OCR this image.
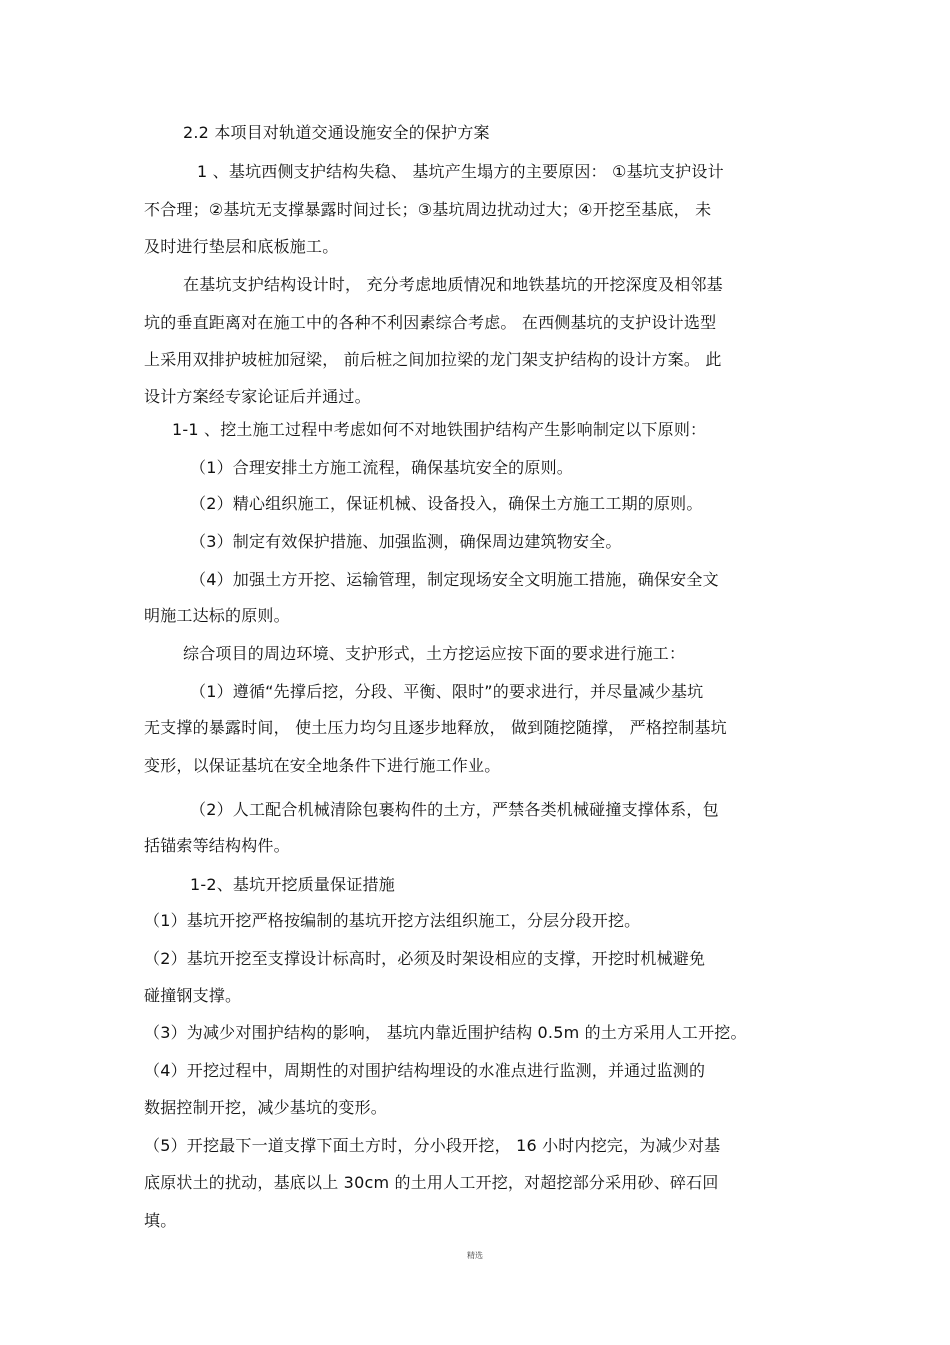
2.2 本项目对轨道交通设施安全的保护方案
1 、基坑西侧支护结构失稳、 基坑产生塌方的主要原因： ①基坑支护设计
不合理；②基坑无支撑暴露时间过长；③基坑周边扰动过大；④开挖至基底， 未
及时进行垫层和底板施工。
在基坑支护结构设计时， 充分考虑地质情况和地铁基坑的开挖深度及相邻基
坑的垂直距离对在施工中的各种不利因素综合考虑。 在西侧基坑的支护设计选型
上采用双排护坡桩加冠梁， 前后桩之间加拉梁的龙门架支护结构的设计方案。 此
设计方案经专家论证后并通过。
1-1 、挖土施工过程中考虑如何不对地铁围护结构产生影响制定以下原则：
（1）合理安排土方施工流程，确保基坑安全的原则。
（2）精心组织施工，保证机械、设备投入，确保土方施工工期的原则。
（3）制定有效保护措施、加强监测，确保周边建筑物安全。
（4）加强土方开挖、运输管理，制定现场安全文明施工措施，确保安全文
明施工达标的原则。
综合项目的周边环境、支护形式，土方挖运应按下面的要求进行施工：
（1）遵循“先撑后挖，分段、平衡、限时”的要求进行，并尽量减少基坑
无支撑的暴露时间， 使土压力均匀且逐步地释放， 做到随挖随撑， 严格控制基坑
变形，以保证基坑在安全地条件下进行施工作业。
（2）人工配合机械清除包裹构件的土方，严禁各类机械碰撞支撑体系，包
括锚索等结构构件。
1-2、基坑开挖质量保证措施
（1）基坑开挖严格按编制的基坑开挖方法组织施工，分层分段开挖。
（2）基坑开挖至支撑设计标高时，必须及时架设相应的支撑，开挖时机械避免
碰撞钢支撑。
（3）为减少对围护结构的影响， 基坑内靠近围护结构 0.5m 的土方采用人工开挖。
（4）开挖过程中，周期性的对围护结构埋设的水准点进行监测，并通过监测的
数据控制开挖，减少基坑的变形。
（5）开挖最下一道支撑下面土方时，分小段开挖， 16 小时内挖完，为减少对基
底原状土的扰动，基底以上 30cm 的土用人工开挖，对超挖部分采用砂、碎石回
填。
精选
